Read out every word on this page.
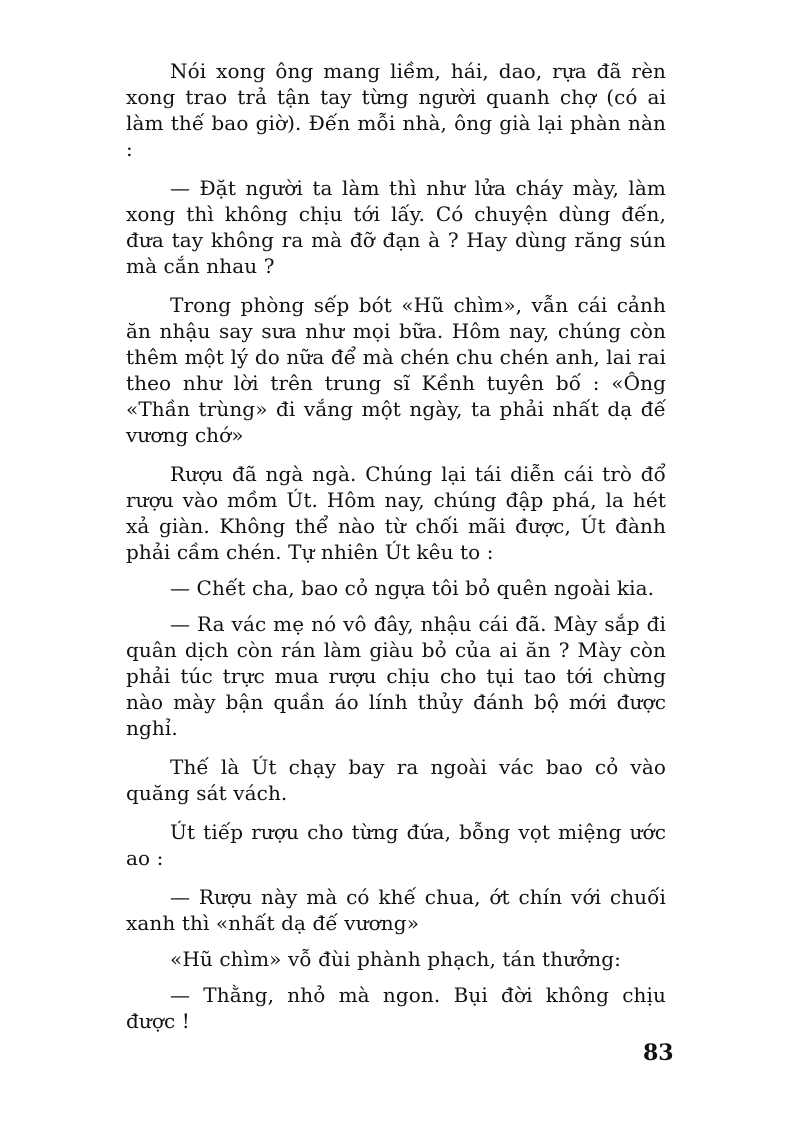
Nói xong ông mang liềm, hái, dao, rựa đã rèn xong trao trả tận tay từng người quanh chợ (có ai làm thế bao giờ). Đến mỗi nhà, ông già lại phàn nàn :

— Đặt người ta làm thì như lửa cháy mày, làm xong thì không chịu tới lấy. Có chuyện dùng đến, đưa tay không ra mà đỡ đạn à ? Hay dùng răng sún mà cắn nhau ?

Trong phòng sếp bót «Hũ chìm», vẫn cái cảnh ăn nhậu say sưa như mọi bữa. Hôm nay, chúng còn thêm một lý do nữa để mà chén chu chén anh, lai rai theo như lời trên trung sĩ Kềnh tuyên bố : «Ông «Thần trùng» đi vắng một ngày, ta phải nhất dạ đế vương chớ»

Rượu đã ngà ngà. Chúng lại tái diễn cái trò đổ rượu vào mồm Út. Hôm nay, chúng đập phá, la hét xả giàn. Không thể nào từ chối mãi được, Út đành phải cầm chén. Tự nhiên Út kêu to :

— Chết cha, bao cỏ ngựa tôi bỏ quên ngoài kia.

— Ra vác mẹ nó vô đây, nhậu cái đã. Mày sắp đi quân dịch còn rán làm giàu bỏ của ai ăn ? Mày còn phải túc trực mua rượu chịu cho tụi tao tới chừng nào mày bận quần áo lính thủy đánh bộ mới được nghỉ.

Thế là Út chạy bay ra ngoài vác bao cỏ vào quăng sát vách.

Út tiếp rượu cho từng đứa, bỗng vọt miệng ước ao :

— Rượu này mà có khế chua, ớt chín với chuối xanh thì «nhất dạ đế vương»

«Hũ chìm» vỗ đùi phành phạch, tán thưởng:

— Thằng, nhỏ mà ngon. Bụi đời không chịu được !

83
